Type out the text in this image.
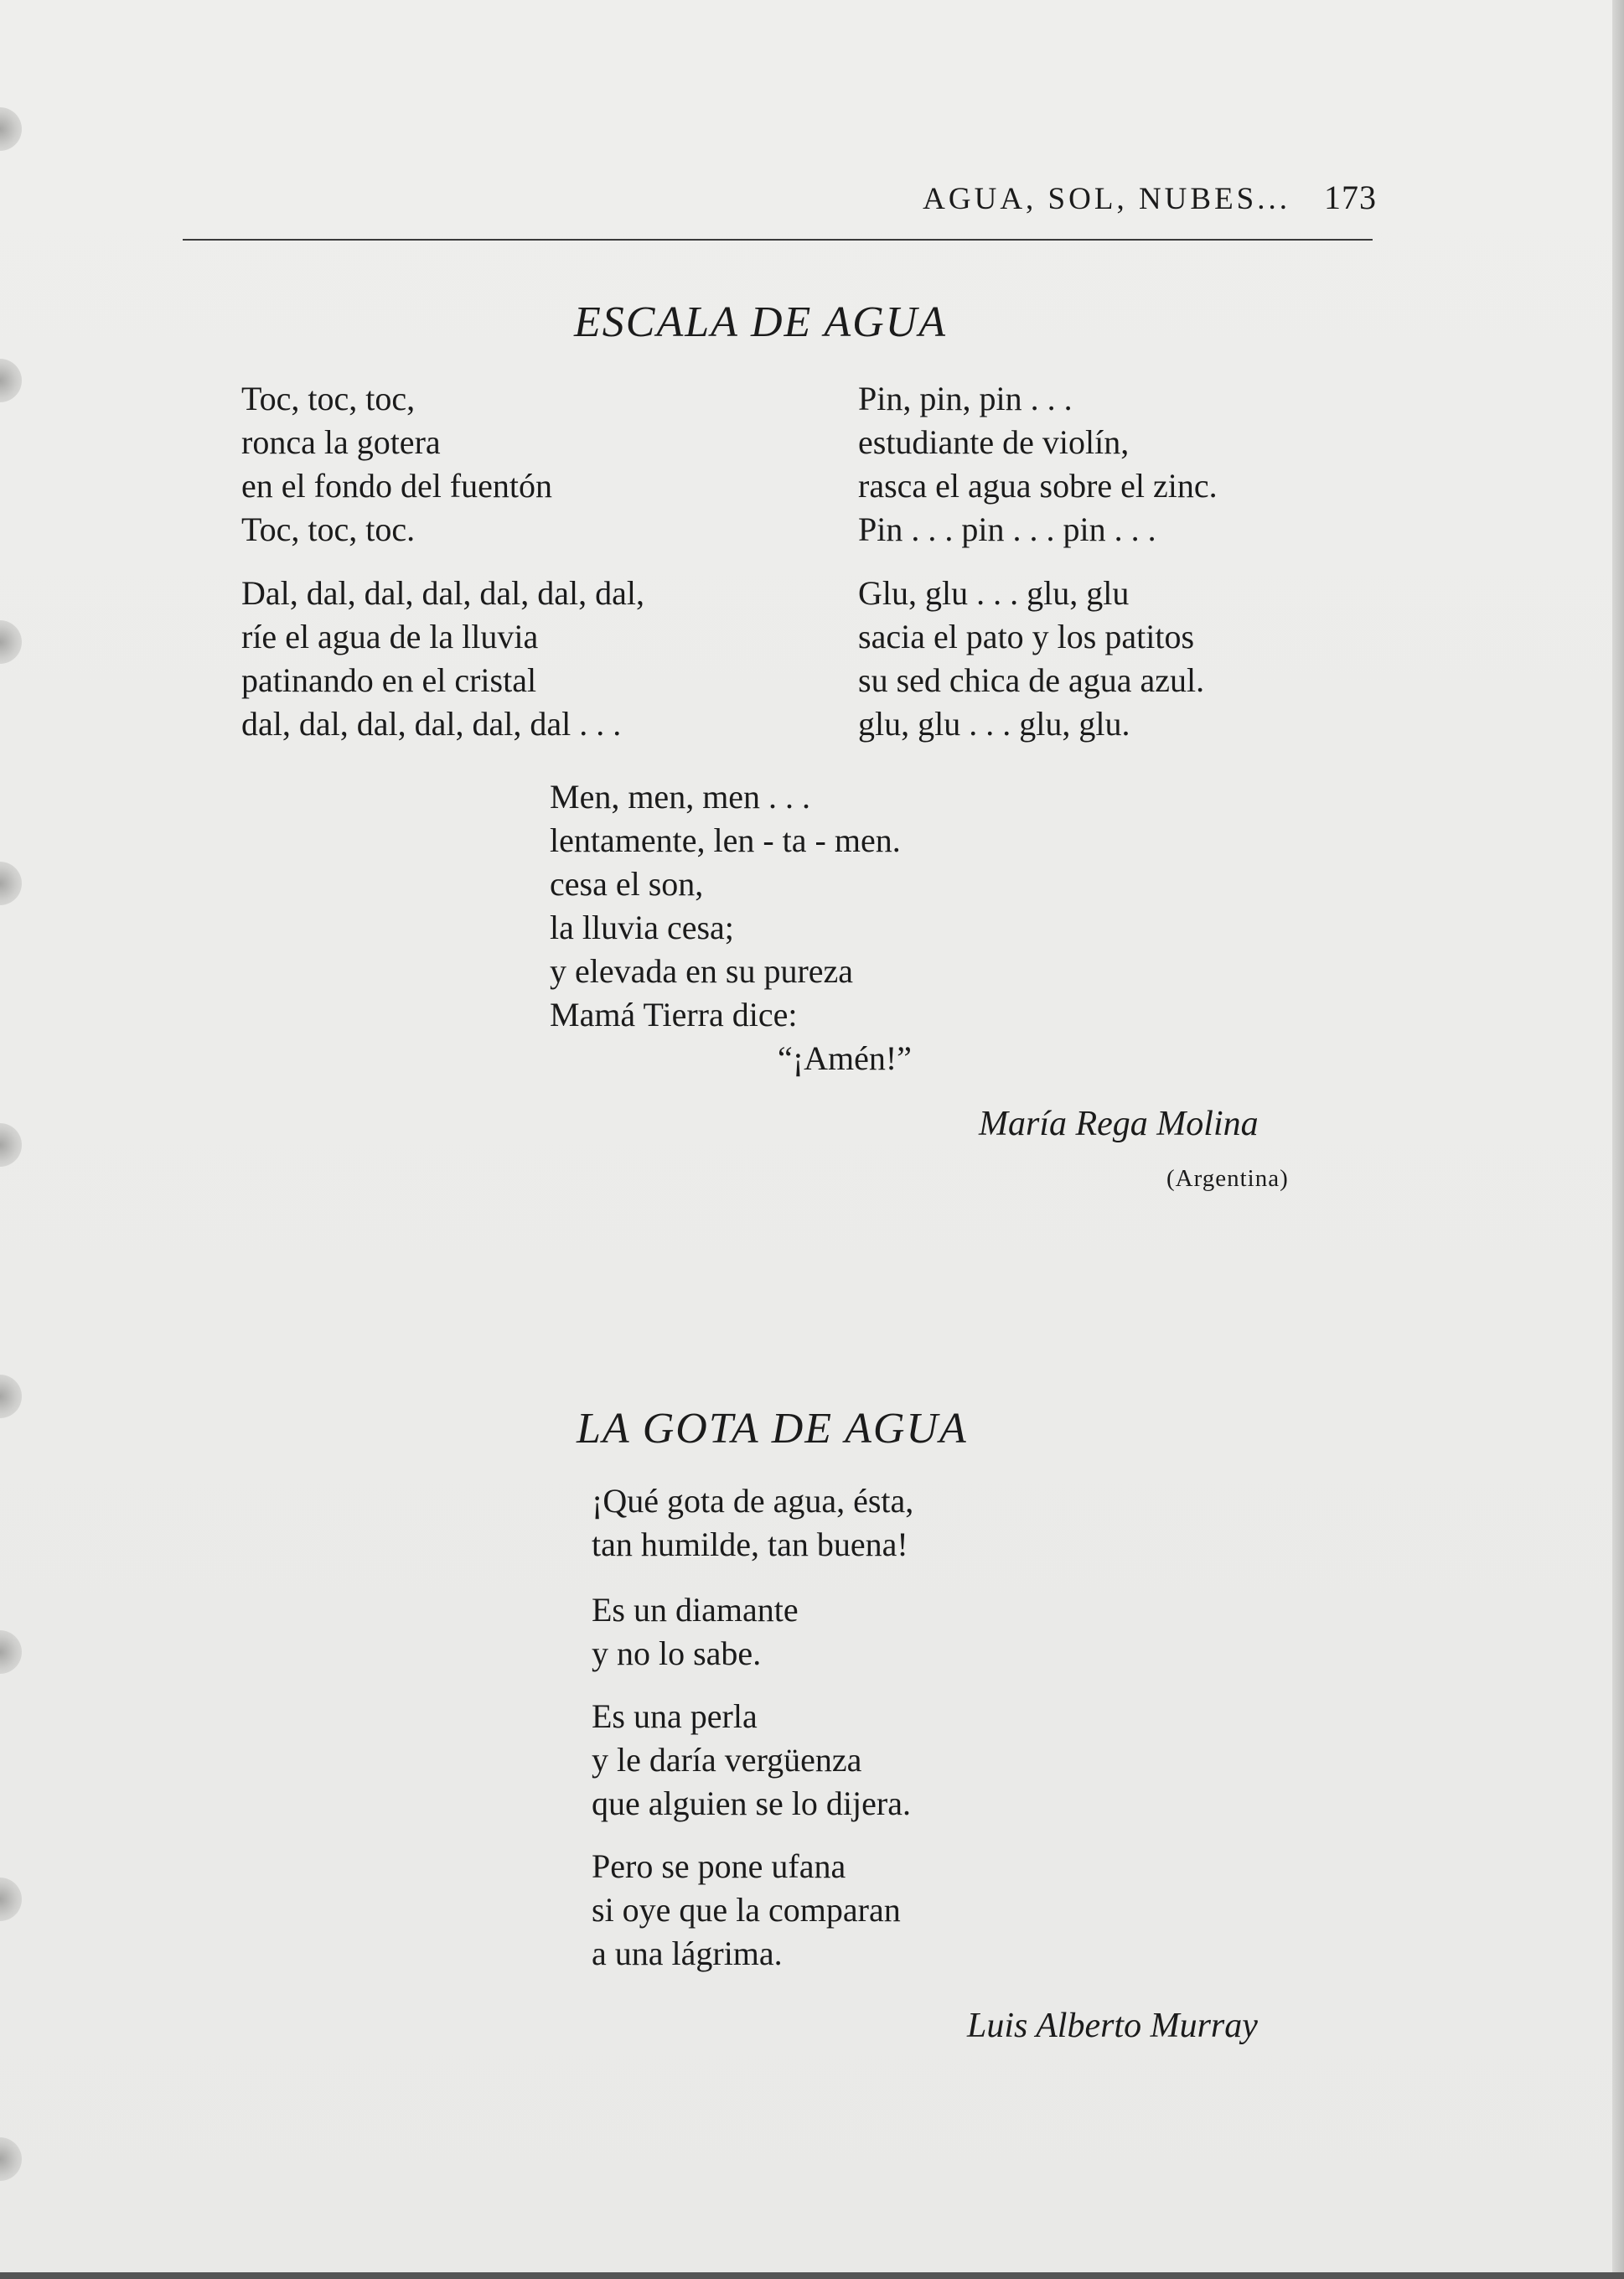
AGUA, SOL, NUBES... 173
ESCALA DE AGUA
Toc, toc, toc,
ronca la gotera
en el fondo del fuentón
Toc, toc, toc.
Dal, dal, dal, dal, dal, dal, dal,
ríe el agua de la lluvia
patinando en el cristal
dal, dal, dal, dal, dal, dal . . .
Pin, pin, pin . . .
estudiante de violín,
rasca el agua sobre el zinc.
Pin . . . pin . . . pin . . .
Glu, glu . . . glu, glu
sacia el pato y los patitos
su sed chica de agua azul.
glu, glu . . . glu, glu.
Men, men, men . . .
lentamente, len - ta - men.
cesa el son,
la lluvia cesa;
y elevada en su pureza
Mamá Tierra dice:
“¡Amén!”
María Rega Molina
(Argentina)
LA GOTA DE AGUA
¡Qué gota de agua, ésta,
tan humilde, tan buena!
Es un diamante
y no lo sabe.
Es una perla
y le daría vergüenza
que alguien se lo dijera.
Pero se pone ufana
si oye que la comparan
a una lágrima.
Luis Alberto Murray
